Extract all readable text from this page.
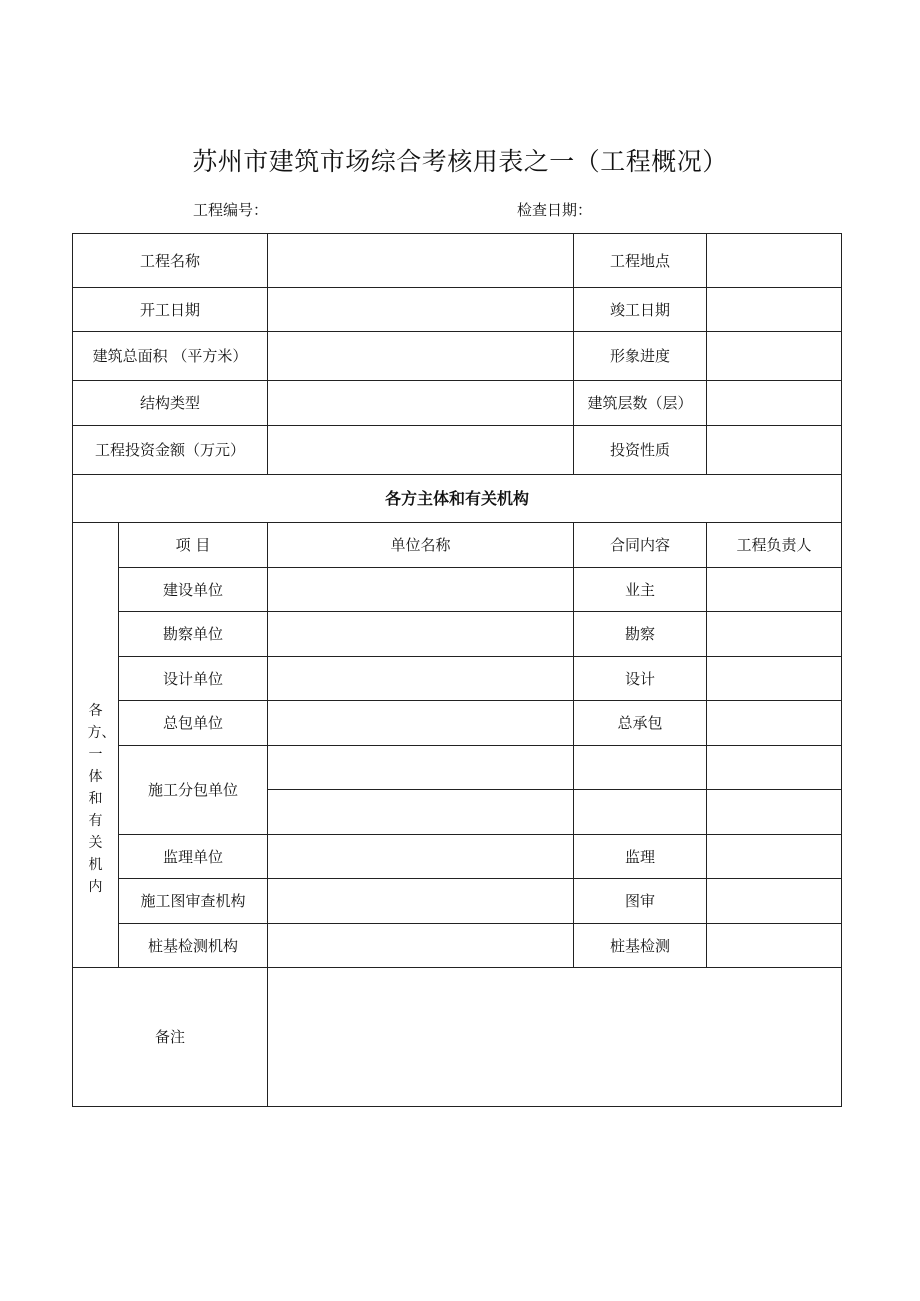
苏州市建筑市场综合考核用表之一（工程概况）
工程编号：	检查日期：
工程名称			工程地点	
开工日期			竣工日期	
建筑总面积 （平方米）			形象进度	
结构类型			建筑层数（层）	
工程投资金额（万元）			投资性质	
各方主体和有关机构				
各方、一体和有关机内	项 目	单位名称	合同内容	工程负责人
	建设单位		业主	
	勘察单位		勘察	
	设计单位		设计	
	总包单位		总承包	
	施工分包单位			

	监理单位		监理	
	施工图审查机构		图审	
	桩基检测机构		桩基检测	
备注				
